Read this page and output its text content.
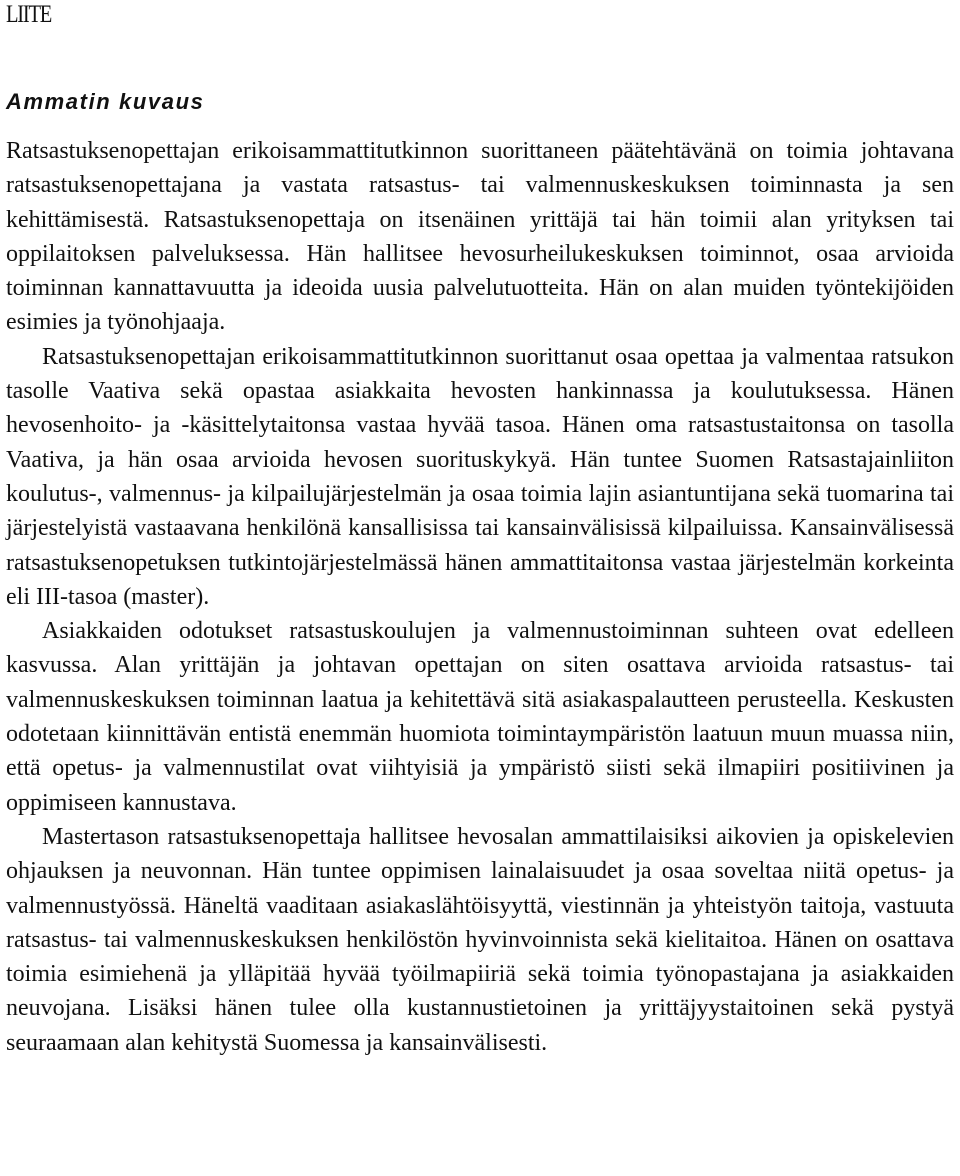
LIITE
Ammatin kuvaus

Ratsastuksenopettajan erikoisammattitutkinnon suorittaneen päätehtävänä on toimia johtavana ratsastuksenopettajana ja vastata ratsastus- tai valmennuskeskuksen toiminnasta ja sen kehittämisestä. Ratsastuksenopettaja on itsenäinen yrittäjä tai hän toimii alan yrityksen tai oppilaitoksen palveluksessa. Hän hallitsee hevosurheilukeskuksen toiminnot, osaa arvioida toiminnan kannattavuutta ja ideoida uusia palvelutuotteita. Hän on alan muiden työntekijöiden esimies ja työnohjaaja.

Ratsastuksenopettajan erikoisammattitutkinnon suorittanut osaa opettaa ja valmentaa ratsukon tasolle Vaativa sekä opastaa asiakkaita hevosten hankinnassa ja koulutuksessa. Hänen hevosenhoito- ja -käsittelytaitonsa vastaa hyvää tasoa. Hänen oma ratsastustaitonsa on tasolla Vaativa, ja hän osaa arvioida hevosen suorituskykyä. Hän tuntee Suomen Ratsastajainliiton koulutus-, valmennus- ja kilpailujärjestelmän ja osaa toimia lajin asiantuntijana sekä tuomarina tai järjestelyistä vastaavana henkilönä kansallisissa tai kansainvälisissä kilpailuissa. Kansainvälisessä ratsastuksenopetuksen tutkintojärjestelmässä hänen ammattitaitonsa vastaa järjestelmän korkeinta eli III-tasoa (master).

Asiakkaiden odotukset ratsastuskoulujen ja valmennustoiminnan suhteen ovat edelleen kasvussa. Alan yrittäjän ja johtavan opettajan on siten osattava arvioida ratsastus- tai valmennuskeskuksen toiminnan laatua ja kehitettävä sitä asiakaspalautteen perusteella. Keskusten odotetaan kiinnittävän entistä enemmän huomiota toimintaympäristön laatuun muun muassa niin, että opetus- ja valmennustilat ovat viihtyisiä ja ympäristö siisti sekä ilmapiiri positiivinen ja oppimiseen kannustava.

Mastertason ratsastuksenopettaja hallitsee hevosalan ammattilaisiksi aikovien ja opiskelevien ohjauksen ja neuvonnan. Hän tuntee oppimisen lainalaisuudet ja osaa soveltaa niitä opetus- ja valmennustyössä. Häneltä vaaditaan asiakaslähtöisyyttä, viestinnän ja yhteistyön taitoja, vastuuta ratsastus- tai valmennuskeskuksen henkilöstön hyvinvoinnista sekä kielitaitoa. Hänen on osattava toimia esimiehenä ja ylläpitää hyvää työilmapiiriä sekä toimia työnopastajana ja asiakkaiden neuvojana. Lisäksi hänen tulee olla kustannustietoinen ja yrittäjyystaitoinen sekä pystyä seuraamaan alan kehitystä Suomessa ja kansainvälisesti.
